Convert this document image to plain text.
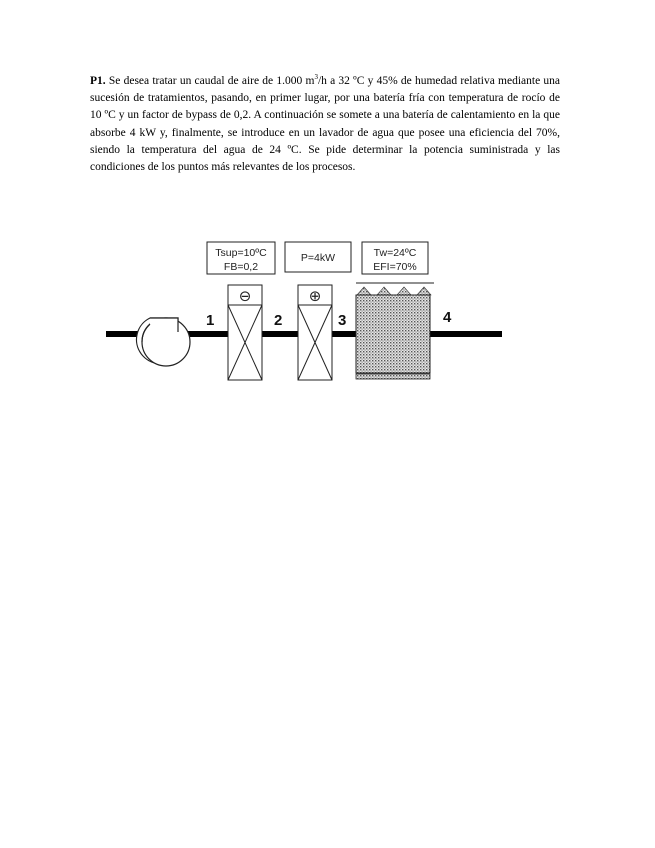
P1. Se desea tratar un caudal de aire de 1.000 $m^3/h$ a 32 ºC y 45% de humedad relativa mediante una sucesión de tratamientos, pasando, en primer lugar, por una batería fría con temperatura de rocío de 10 ºC y un factor de bypass de 0,2. A continuación se somete a una batería de calentamiento en la que absorbe 4 kW y, finalmente, se introduce en un lavador de agua que posee una eficiencia del 70%, siendo la temperatura del agua de 24 ºC. Se pide determinar la potencia suministrada y las condiciones de los puntos más relevantes de los procesos.
⊖	⊕
Tsup=10ºC
FB=0,2
P=4kW	Tw=24ºC
EFI=70%
1	2	3	4
